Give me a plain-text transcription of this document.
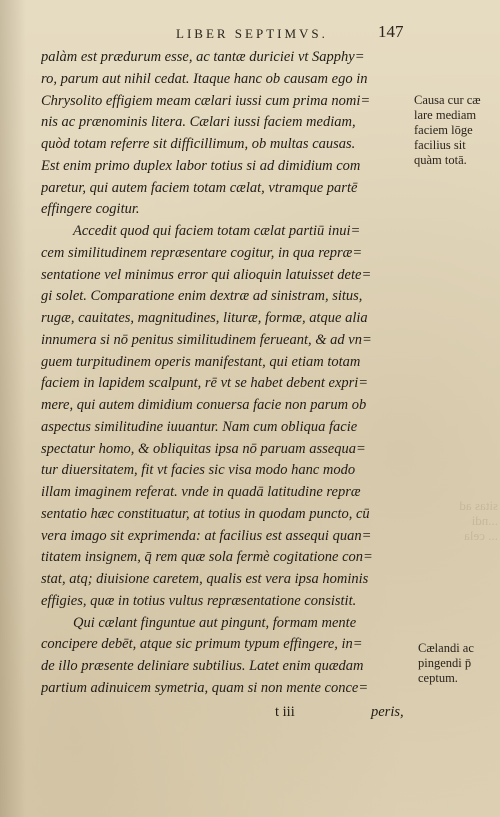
LIBER SEPTIMVS.	147
palàm est prædurum esse, ac tantæ duriciei vt Sapphy=
ro, parum aut nihil cedat. Itaque hanc ob causam ego in
Chrysolito effigiem meam cælari iussi cum prima nomi=
nis ac prænominis litera. Cælari iussi faciem mediam,
quòd totam referre sit difficillimum, ob multas causas.
Est enim primo duplex labor totius si ad dimidium com
paretur, qui autem faciem totam cælat, vtramque partē
effingere cogitur.
Accedit quod qui faciem totam cælat partiū inui=
cem similitudinem repræsentare cogitur, in qua repræ=
sentatione vel minimus error qui alioquin latuisset dete=
gi solet. Comparatione enim dextræ ad sinistram, situs,
rugæ, cauitates, magnitudines, lituræ, formæ, atque alia
innumera si nō penitus similitudinem ferueant, & ad vn=
guem turpitudinem operis manifestant, qui etiam totam
faciem in lapidem scalpunt, rē vt se habet debent expri=
mere, qui autem dimidium conuersa facie non parum ob
aspectus similitudine iuuantur. Nam cum obliqua facie
spectatur homo, & obliquitas ipsa nō paruam assequa=
tur diuersitatem, fit vt facies sic visa modo hanc modo
illam imaginem referat. vnde in quadā latitudine repræ
sentatio hæc constituatur, at totius in quodam puncto, cū
vera imago sit exprimenda: at facilius est assequi quan=
titatem insignem, q̄ rem quæ sola fermè cogitatione con=
stat, atq; diuisione caretem, qualis est vera ipsa hominis
effigies, quæ in totius vultus repræsentatione consistit.
Qui cælant finguntue aut pingunt, formam mente
concipere debēt, atque sic primum typum effingere, in=
de illo præsente deliniare subtilius. Latet enim quædam
partium adinuicem symetria, quam si non mente conce=
Causa cur cæ
lare mediam
faciem lōge
facilius sit
quàm totā.
Cælandi ac
pingendi p̄
ceptum.
sitas ad
...ndi
... cela
t iii	peris,
